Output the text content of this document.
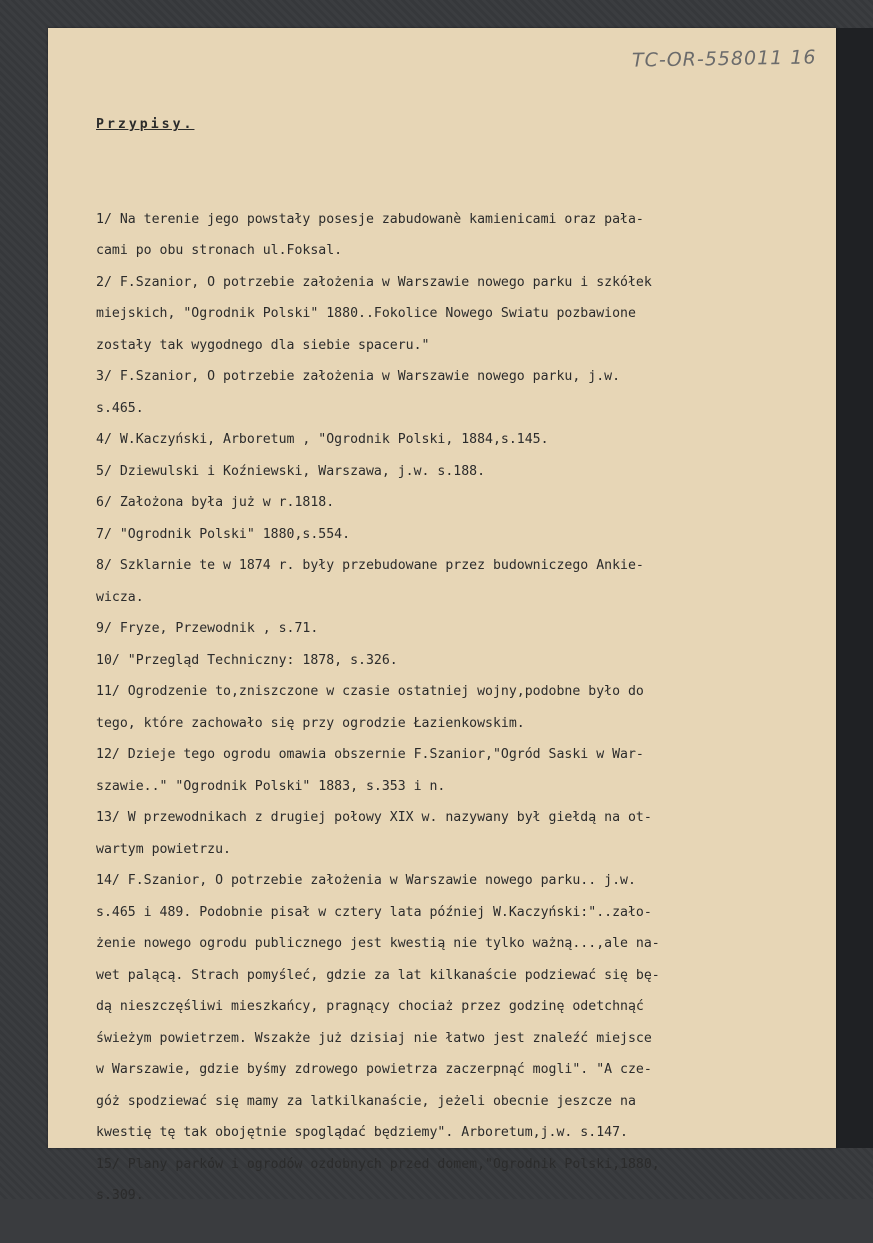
TC-OR-558011 16

Przypisy.

1/ Na terenie jego powstały posesje zabudowanè kamienicami oraz pała-
cami po obu stronach ul.Foksal.
2/ F.Szanior, O potrzebie założenia w Warszawie nowego parku i szkółek
miejskich, "Ogrodnik Polski" 1880..Fokolice Nowego Swiatu pozbawione
zostały tak wygodnego dla siebie spaceru."
3/ F.Szanior, O potrzebie założenia w Warszawie nowego parku, j.w.
s.465.
4/ W.Kaczyński, Arboretum , "Ogrodnik Polski, 1884,s.145.
5/ Dziewulski i Koźniewski, Warszawa, j.w. s.188.
6/ Założona była już w r.1818.
7/ "Ogrodnik Polski" 1880,s.554.
8/ Szklarnie te w 1874 r. były przebudowane przez budowniczego Ankie-
wicza.
9/ Fryze, Przewodnik , s.71.
10/ "Przegląd Techniczny: 1878, s.326.
11/ Ogrodzenie to,zniszczone w czasie ostatniej wojny,podobne było do
tego, które zachowało się przy ogrodzie Łazienkowskim.
12/ Dzieje tego ogrodu omawia obszernie F.Szanior,"Ogród Saski w War-
szawie.." "Ogrodnik Polski" 1883, s.353 i n.
13/ W przewodnikach z drugiej połowy XIX w. nazywany był giełdą na ot-
wartym powietrzu.
14/ F.Szanior, O potrzebie założenia w Warszawie nowego parku.. j.w.
s.465 i 489. Podobnie pisał w cztery lata później W.Kaczyński:"..zało-
żenie nowego ogrodu publicznego jest kwestią nie tylko ważną...,ale na-
wet palącą. Strach pomyśleć, gdzie za lat kilkanaście podziewać się bę-
dą nieszczęśliwi mieszkańcy, pragnący chociaż przez godzinę odetchnąć
świeżym powietrzem. Wszakże już dzisiaj nie łatwo jest znaleźć miejsce
w Warszawie, gdzie byśmy zdrowego powietrza zaczerpnąć mogli". "A cze-
góż spodziewać się mamy za latkilkanaście, jeżeli obecnie jeszcze na
kwestię tę tak obojętnie spoglądać będziemy". Arboretum,j.w. s.147.
15/ Plany parków i ogrodów ozdobnych przed domem,"Ogrodnik Polski,1880,
s.309.
